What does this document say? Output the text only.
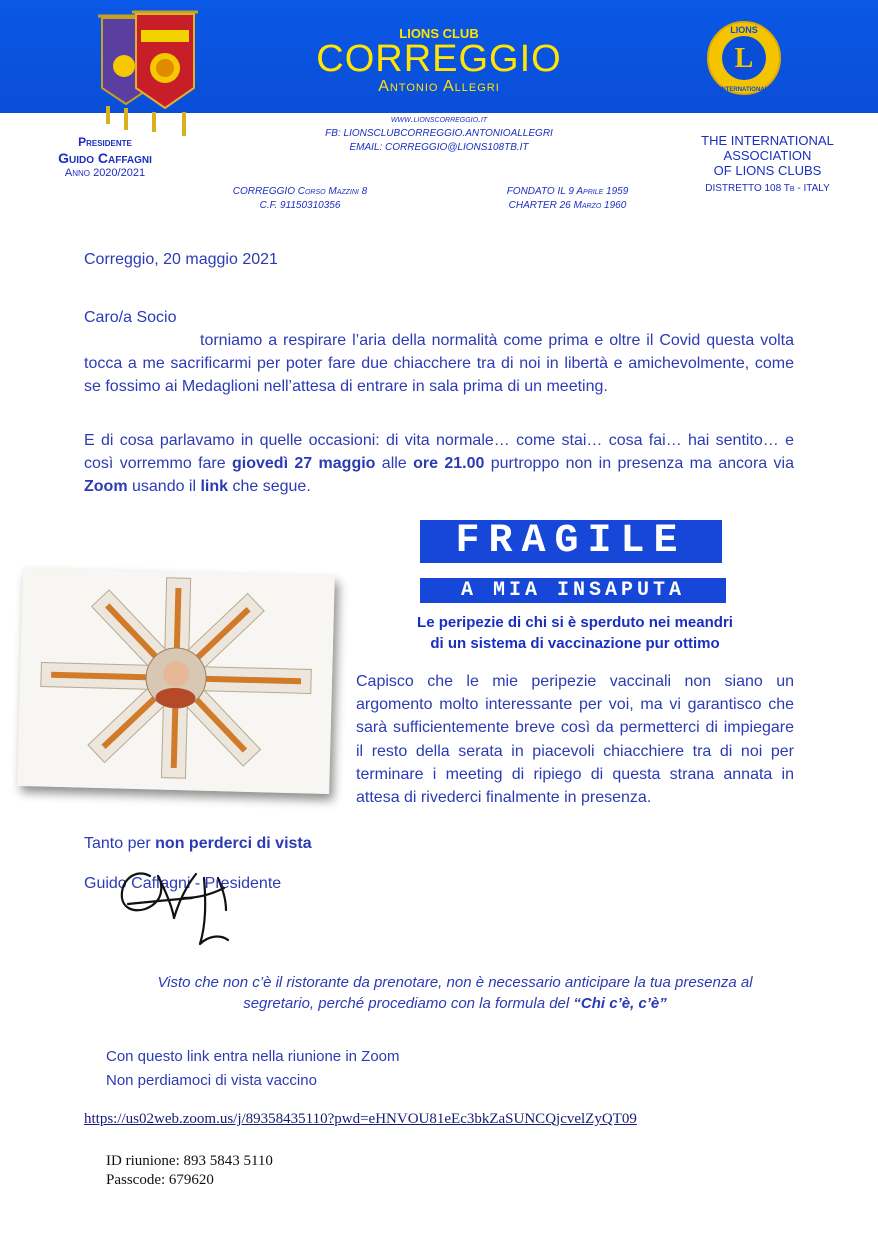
LIONS CLUB
CORREGGIO
Antonio Allegri
L
LIONS
INTERNATIONAL
Presidente
Guido Caffagni
Anno 2020/2021
www.lionscorreggio.it
FB: LIONSCLUBCORREGGIO.ANTONIOALLEGRI
EMAIL: CORREGGIO@LIONS108TB.IT	THE INTERNATIONAL
ASSOCIATION
OF LIONS CLUBS
DISTRETTO 108 Tb - ITALY
CORREGGIO Corso Mazzini 8
C.F. 91150310356
FONDATO IL 9 Aprile 1959
CHARTER 26 Marzo 1960
Correggio, 20 maggio 2021
Caro/a Socio
torniamo a respirare l’aria della normalità come prima e oltre il Covid questa volta tocca a me sacrificarmi per poter fare due chiacchere tra di noi in libertà e amichevolmente, come se fossimo ai Medaglioni nell’attesa di entrare in sala prima di un meeting.
E di cosa parlavamo in quelle occasioni: di vita normale… come stai… cosa fai… hai sentito… e così vorremmo fare giovedì 27 maggio alle ore 21.00 purtroppo non in presenza ma ancora via Zoom usando il link che segue.
FRAGILE
A MIA INSAPUTA
Le peripezie di chi si è sperduto nei meandri
di un sistema di vaccinazione pur ottimo
Capisco che le mie peripezie vaccinali non siano un argomento molto interessante per voi, ma vi garantisco che sarà sufficientemente breve così da permetterci di impiegare il resto della serata in piacevoli chiacchiere tra di noi per terminare i meeting di ripiego di questa strana annata in attesa di rivederci finalmente in presenza.
Tanto per non perderci di vista
Guido Caffagni - Presidente
Visto che non c’è il ristorante da prenotare, non è necessario anticipare la tua presenza al segretario, perché procediamo con la formula del “Chi c’è, c’è”
Con questo link entra nella riunione in Zoom
Non perdiamoci di vista vaccino
https://us02web.zoom.us/j/89358435110?pwd=eHNVOU81eEc3bkZaSUNCQjcvelZyQT09
ID riunione: 893 5843 5110
Passcode: 679620
